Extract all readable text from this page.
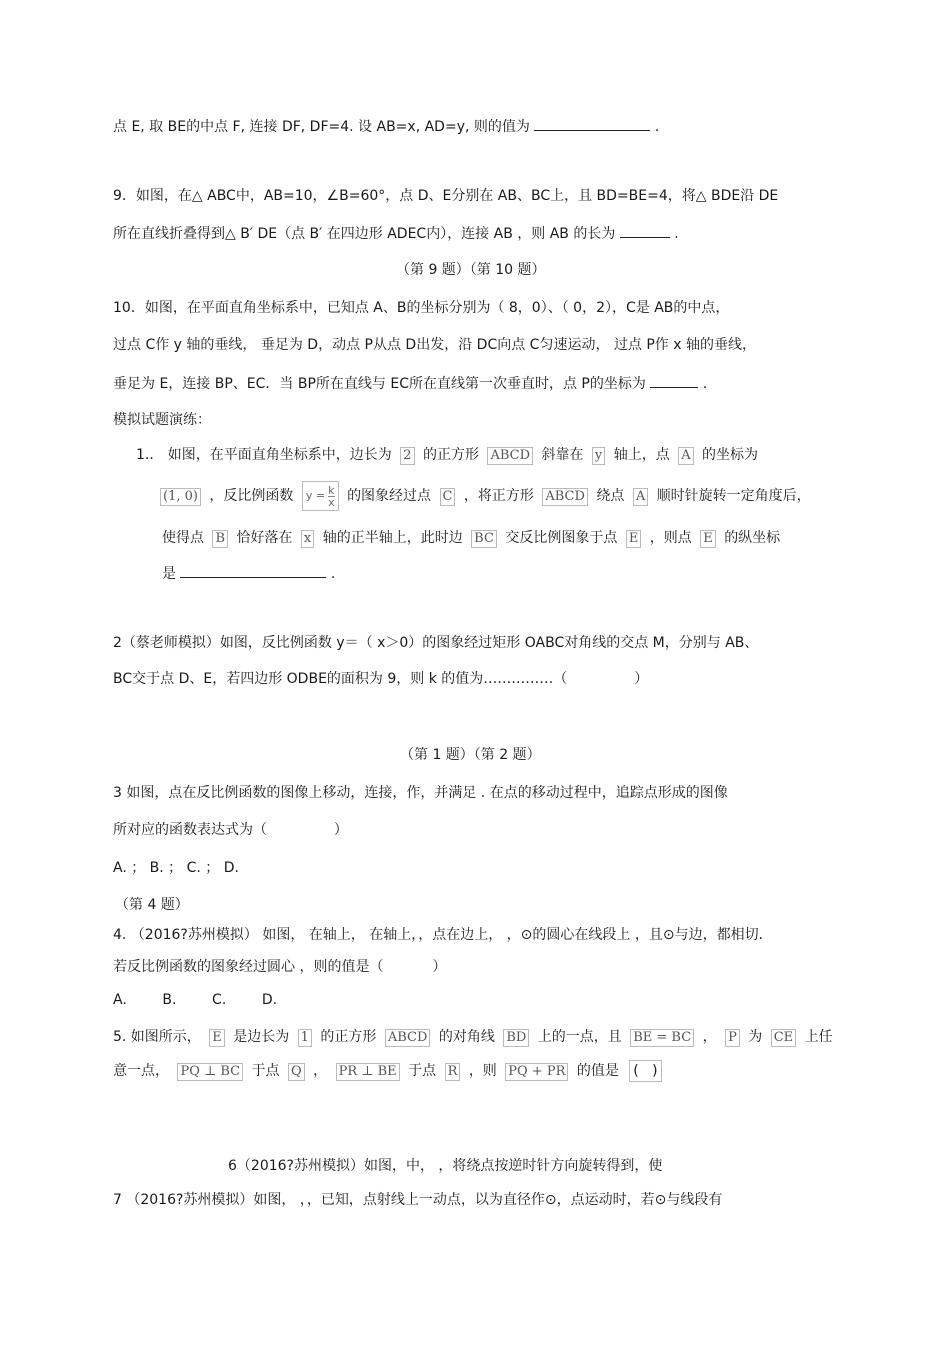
点 E, 取 BE的中点 F, 连接 DF, DF=4. 设 AB=x, AD=y, 则的值为	.
9．如图，在△ ABC中，AB=10，∠B=60°，点 D、E分别在 AB、BC上，且 BD=BE=4，将△ BDE沿 DE
所在直线折叠得到△ B′ DE（点 B′ 在四边形 ADEC内），连接 AB ，则 AB 的长为	.
（第 9 题）（第 10 题）
10．如图，在平面直角坐标系中，已知点 A、B的坐标分别为（ 8，0）、（ 0，2），C是 AB的中点，
过点 C作 y 轴的垂线， 垂足为 D，动点 P从点 D出发，沿 DC向点 C匀速运动， 过点 P作 x 轴的垂线，
垂足为 E，连接 BP、EC．当 BP所在直线与 EC所在直线第一次垂直时，点 P的坐标为	.
模拟试题演练：
1.． 如图，在平面直角坐标系中，边长为 2 的正方形 ABCD 斜靠在 y 轴上，点 A 的坐标为
(1, 0) ，反比例函数 $y = \frac{k}{x}$ 的图象经过点 C ，将正方形 ABCD 绕点 A 顺时针旋转一定角度后，
使得点 B 恰好落在 x 轴的正半轴上，此时边 BC 交反比例图象于点 E ，则点 E 的纵坐标
是	.
2（蔡老师模拟）如图，反比例函数 y＝（ x＞0）的图象经过矩形 OABC对角线的交点 M，分别与 AB、
BC交于点 D、E，若四边形 ODBE的面积为 9，则 k 的值为……………（	）
（第 1 题）（第 2 题）
3 如图，点在反比例函数的图像上移动，连接，作，并满足 . 在点的移动过程中，追踪点形成的图像
所对应的函数表达式为（	）
A. ； B. ； C. ； D.
（第 4 题）
4. （2016?苏州模拟） 如图， 在轴上， 在轴上，，点在边上， ，⊙的圆心在线段上 ，且⊙与边，都相切．
若反比例函数的图象经过圆心 ，则的值是（	）
A.        B.        C.        D.
5. 如图所示， E 是边长为 1 的正方形 ABCD 的对角线 BD 上的一点，且 BE = BC ， P 为 CE 上任
意一点， PQ ⊥ BC 于点 Q ， PR ⊥ BE 于点 R ，则 PQ + PR 的值是 (   )
6（2016?苏州模拟）如图，中， ，将绕点按逆时针方向旋转得到，使
7 （2016?苏州模拟）如图， ，，已知，点射线上一动点，以为直径作⊙，点运动时，若⊙与线段有
